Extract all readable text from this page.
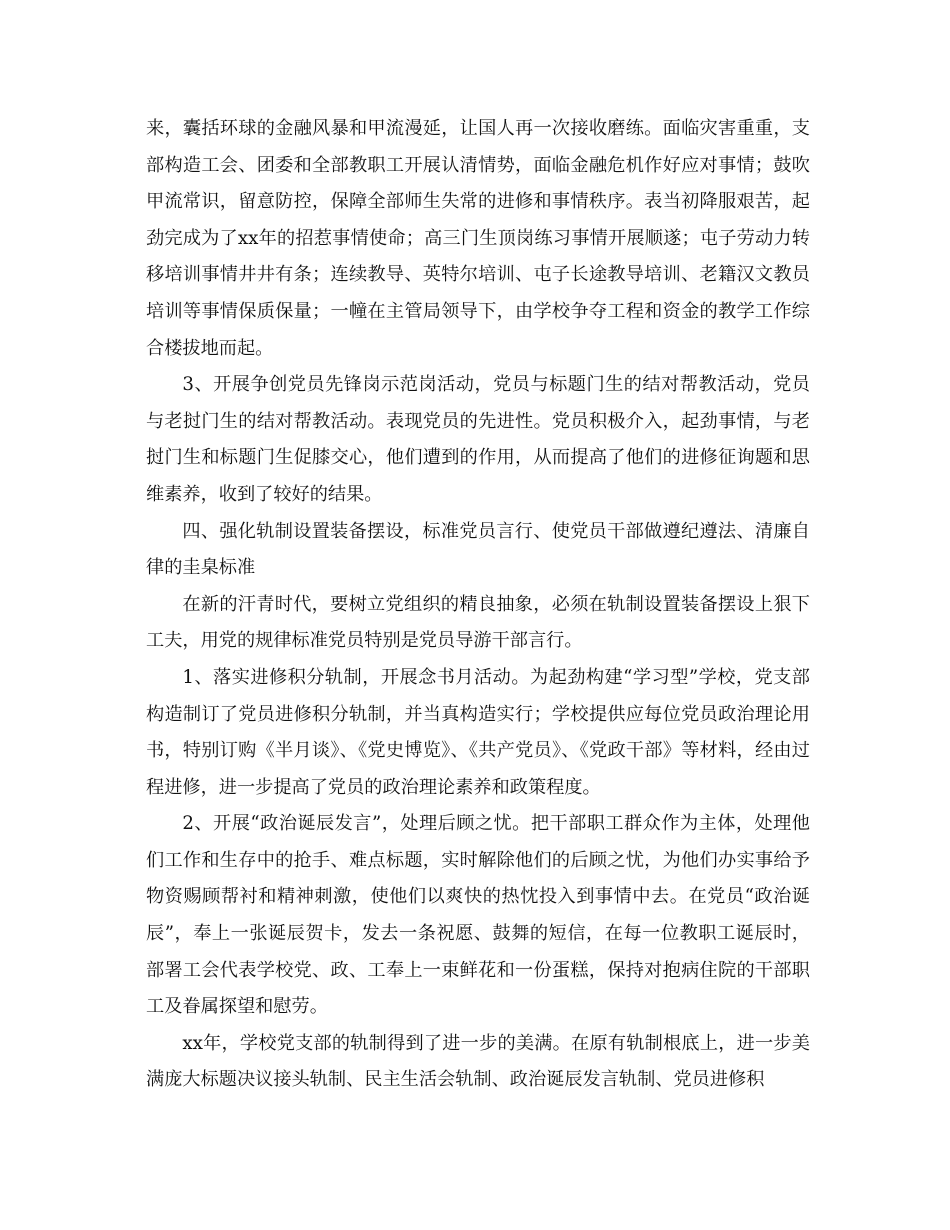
来，囊括环球的金融风暴和甲流漫延，让国人再一次接收磨练。面临灾害重重，支部构造工会、团委和全部教职工开展认清情势，面临金融危机作好应对事情；鼓吹甲流常识，留意防控，保障全部师生失常的进修和事情秩序。表当初降服艰苦，起劲完成为了xx年的招惹事情使命；高三门生顶岗练习事情开展顺遂；屯子劳动力转移培训事情井井有条；连续教导、英特尔培训、屯子长途教导培训、老籍汉文教员培训等事情保质保量；一幢在主管局领导下，由学校争夺工程和资金的教学工作综合楼拔地而起。

3、开展争创党员先锋岗示范岗活动，党员与标题门生的结对帮教活动，党员与老挝门生的结对帮教活动。表现党员的先进性。党员积极介入，起劲事情，与老挝门生和标题门生促膝交心，他们遭到的作用，从而提高了他们的进修征询题和思维素养，收到了较好的结果。

四、强化轨制设置装备摆设，标准党员言行、使党员干部做遵纪遵法、清廉自律的圭臬标准

在新的汗青时代，要树立党组织的精良抽象，必须在轨制设置装备摆设上狠下工夫，用党的规律标准党员特别是党员导游干部言行。

1、落实进修积分轨制，开展念书月活动。为起劲构建“学习型”学校，党支部构造制订了党员进修积分轨制，并当真构造实行；学校提供应每位党员政治理论用书，特别订购《半月谈》、《党史博览》、《共产党员》、《党政干部》等材料，经由过程进修，进一步提高了党员的政治理论素养和政策程度。

2、开展“政治诞辰发言”，处理后顾之忧。把干部职工群众作为主体，处理他们工作和生存中的抢手、难点标题，实时解除他们的后顾之忧，为他们办实事给予物资赐顾帮衬和精神刺激，使他们以爽快的热忱投入到事情中去。在党员“政治诞辰”，奉上一张诞辰贺卡，发去一条祝愿、鼓舞的短信，在每一位教职工诞辰时，部署工会代表学校党、政、工奉上一束鲜花和一份蛋糕，保持对抱病住院的干部职工及眷属探望和慰劳。

xx年，学校党支部的轨制得到了进一步的美满。在原有轨制根底上，进一步美满庞大标题决议接头轨制、民主生活会轨制、政治诞辰发言轨制、党员进修积
